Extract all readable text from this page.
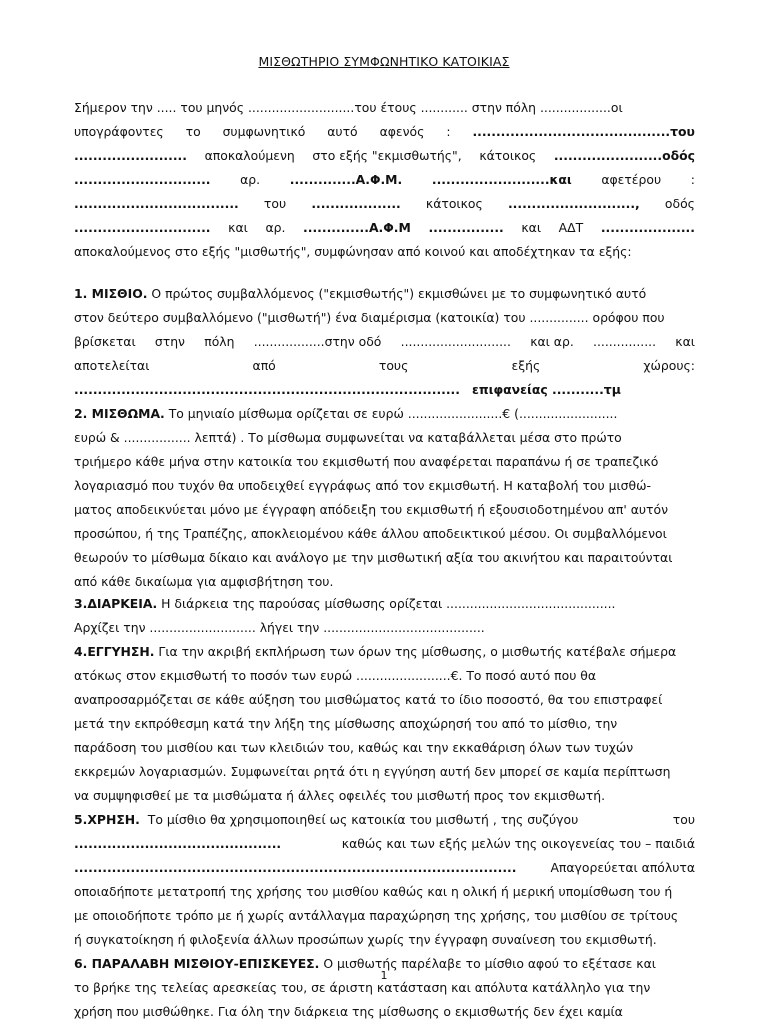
ΜΙΣΘΩΤΗΡΙΟ ΣΥΜΦΩΝΗΤΙΚΟ ΚΑΤΟΙΚΙΑΣ
Σήμερον την ..... του μηνός ...........................του έτους ............ στην πόλη ..................οι
υπογράφοντες το συμφωνητικό αυτό αφενός : ..........................................του
........................ αποκαλούμενη στο εξής "εκμισθωτής", κάτοικος .......................οδός
............................. αρ. ..............Α.Φ.Μ. .........................και αφετέρου :
................................... του ................... κάτοικος ..........................., οδός
............................. και αρ. ..............Α.Φ.Μ ................ και ΑΔΤ ....................
αποκαλούμενος στο εξής "μισθωτής", συμφώνησαν από κοινού και αποδέχτηκαν τα εξής:
1. ΜΙΣΘΙΟ. Ο πρώτος συμβαλλόμενος ("εκμισθωτής") εκμισθώνει με το συμφωνητικό αυτό
στον δεύτερο συμβαλλόμενο ("μισθωτή") ένα διαμέρισμα (κατοικία) του ............... ορόφου που
βρίσκεται στην πόλη ..................στην οδό ............................ και αρ. ................ και
αποτελείται	από	τους	εξής	χώρους:
.................................................................................. επιφανείας ...........τμ
2. ΜΙΣΘΩΜΑ. Το μηνιαίο μίσθωμα ορίζεται σε ευρώ ........................€ (.........................
ευρώ & ................. λεπτά) . Το μίσθωμα συμφωνείται να καταβάλλεται μέσα στο πρώτο
τριήμερο κάθε μήνα στην κατοικία του εκμισθωτή που αναφέρεται παραπάνω ή σε τραπεζικό
λογαριασμό που τυχόν θα υποδειχθεί εγγράφως από τον εκμισθωτή. Η καταβολή του μισθώ-
ματος αποδεικνύεται μόνο με έγγραφη απόδειξη του εκμισθωτή ή εξουσιοδοτημένου απ' αυτόν
προσώπου, ή της Τραπέζης, αποκλειομένου κάθε άλλου αποδεικτικού μέσου. Οι συμβαλλόμενοι
θεωρούν το μίσθωμα δίκαιο και ανάλογο με την μισθωτική αξία του ακινήτου και παραιτούνται
από κάθε δικαίωμα για αμφισβήτηση του.
3.ΔΙΑΡΚΕΙΑ. Η διάρκεια της παρούσας μίσθωσης ορίζεται ...........................................
Αρχίζει την ........................... λήγει την .........................................
4.ΕΓΓΥΗΣΗ. Για την ακριβή εκπλήρωση των όρων της μίσθωσης, ο μισθωτής κατέβαλε σήμερα
ατόκως στον εκμισθωτή το ποσόν των ευρώ ........................€. Το ποσό αυτό που θα
αναπροσαρμόζεται σε κάθε αύξηση του μισθώματος κατά το ίδιο ποσοστό, θα του επιστραφεί
μετά την εκπρόθεσμη κατά την λήξη της μίσθωσης αποχώρησή του από το μίσθιο, την
παράδοση του μισθίου και των κλειδιών του, καθώς και την εκκαθάριση όλων των τυχών
εκκρεμών λογαριασμών. Συμφωνείται ρητά ότι η εγγύηση αυτή δεν μπορεί σε καμία περίπτωση
να συμψηφισθεί με τα μισθώματα ή άλλες οφειλές του μισθωτή προς τον εκμισθωτή.
5.ΧΡΗΣΗ. Το μίσθιο θα χρησιμοποιηθεί ως κατοικία του μισθωτή , της συζύγου	του
............................................	καθώς και των εξής μελών της οικογενείας του – παιδιά
..............................................................................................	Απαγορεύεται απόλυτα
οποιαδήποτε μετατροπή της χρήσης του μισθίου καθώς και η ολική ή μερική υπομίσθωση του ή
με οποιοδήποτε τρόπο με ή χωρίς αντάλλαγμα παραχώρηση της χρήσης, του μισθίου σε τρίτους
ή συγκατοίκηση ή φιλοξενία άλλων προσώπων χωρίς την έγγραφη συναίνεση του εκμισθωτή.
6. ΠΑΡΑΛΑΒΗ ΜΙΣΘΙΟΥ-ΕΠΙΣΚΕΥΕΣ. Ο μισθωτής παρέλαβε το μίσθιο αφού το εξέτασε και
1
το βρήκε της τελείας αρεσκείας του, σε άριστη κατάσταση και απόλυτα κατάλληλο για την
χρήση που μισθώθηκε. Για όλη την διάρκεια της μίσθωσης ο εκμισθωτής δεν έχει καμία
